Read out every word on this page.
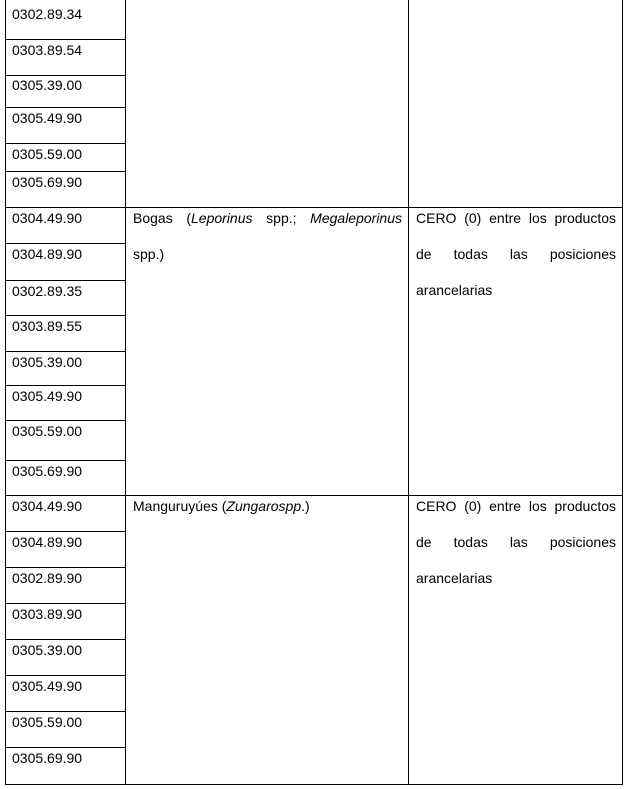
0302.89.34
0303.89.54
0305.39.00
0305.49.90
0305.59.00
0305.69.90
0304.49.90
0304.89.90
0302.89.35
0303.89.55
0305.39.00
0305.49.90
0305.59.00
0305.69.90
Bogas (Leporinus spp.; Megaleporinus spp.)
CERO (0) entre los productos de todas las posiciones arancelarias
0304.49.90
0304.89.90
0302.89.90
0303.89.90
0305.39.00
0305.49.90
0305.59.00
0305.69.90
Manguruyúes (Zungarospp.)	CERO (0) entre los productos de todas las posiciones arancelarias
